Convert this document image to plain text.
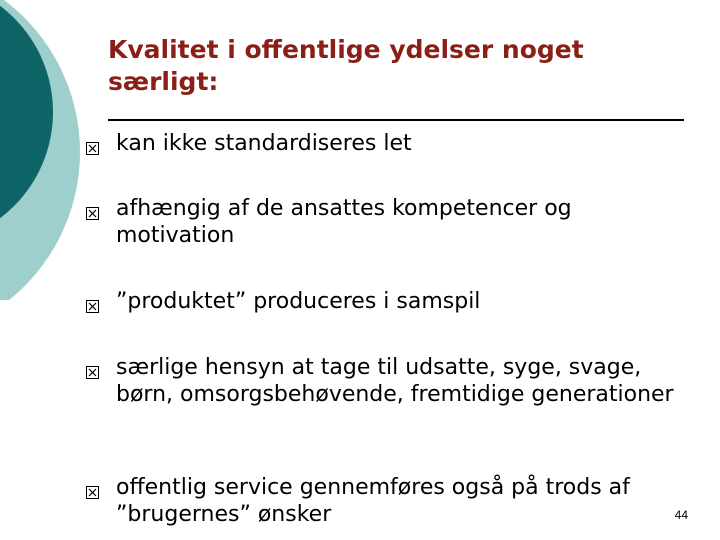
Kvalitet i offentlige ydelser noget særligt:
kan ikke standardiseres let
afhængig af de ansattes kompetencer og motivation
”produktet” produceres i samspil
særlige hensyn at tage til udsatte, syge, svage, børn, omsorgsbehøvende, fremtidige generationer
offentlig service gennemføres også på trods af ”brugernes” ønsker	44
